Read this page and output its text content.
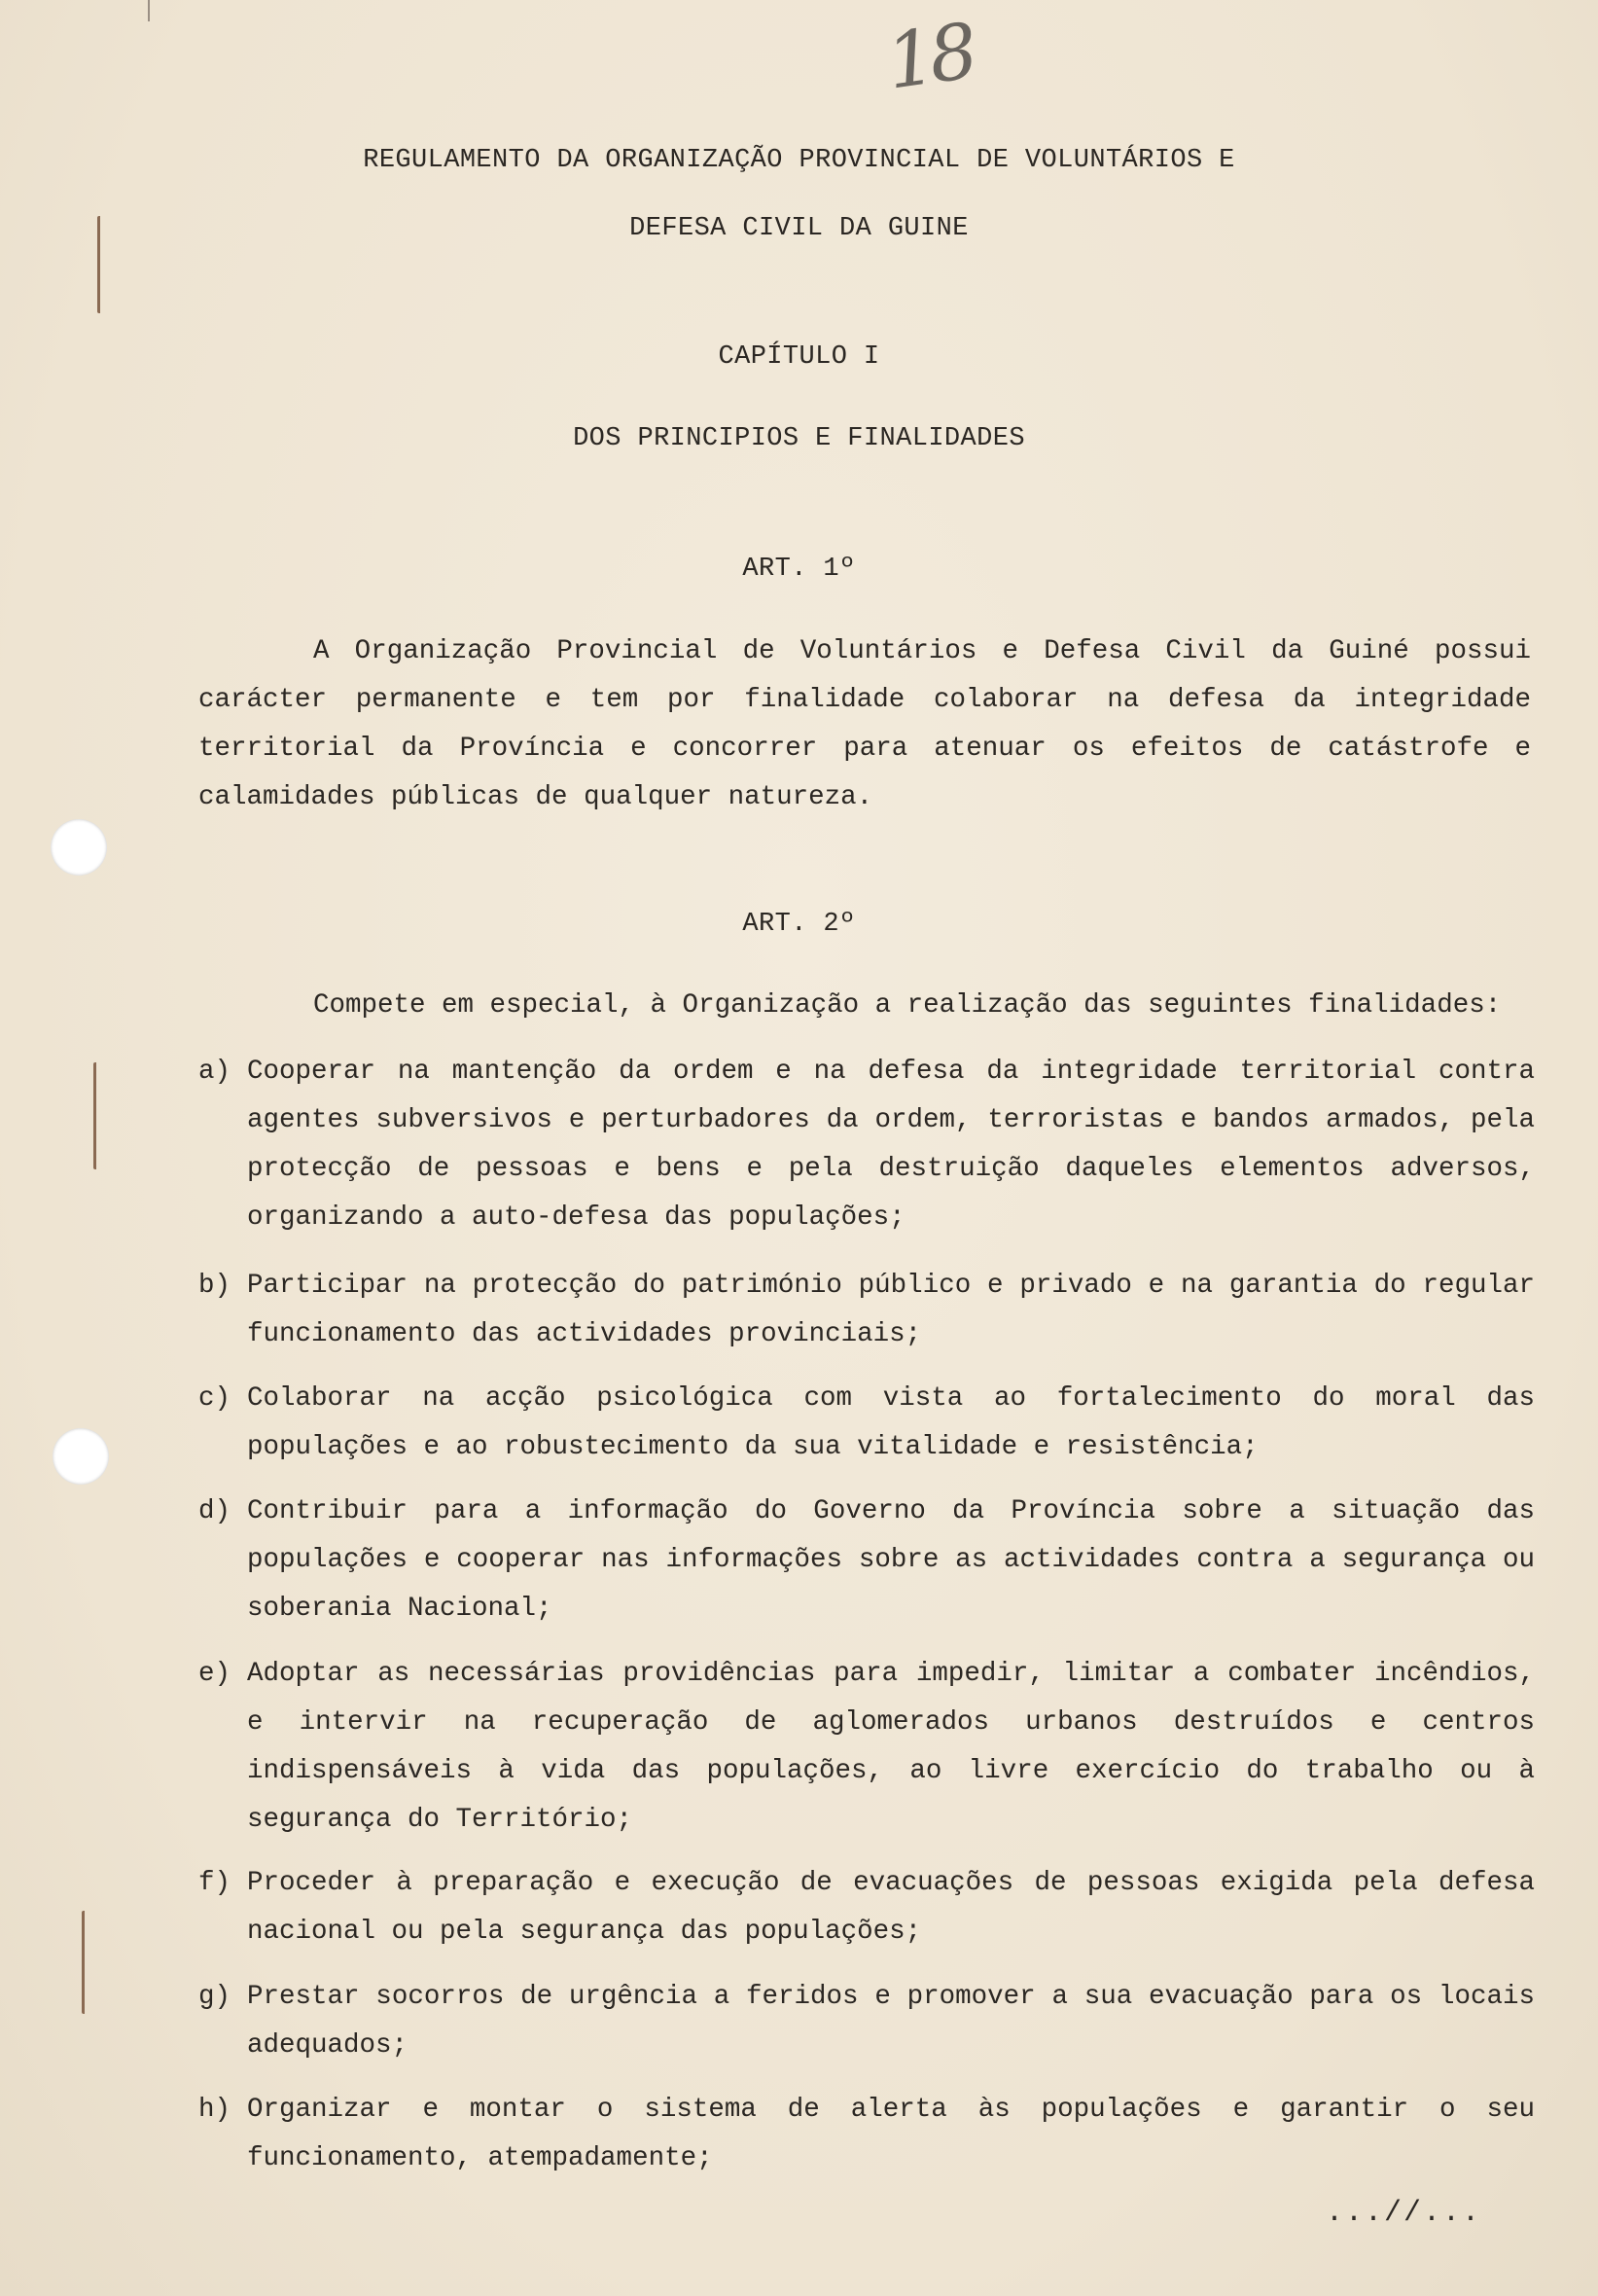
18
REGULAMENTO DA ORGANIZAÇÃO PROVINCIAL DE VOLUNTÁRIOS E
DEFESA CIVIL DA GUINE
CAPÍTULO I
DOS PRINCIPIOS E FINALIDADES
ART. 1º
A Organização Provincial de Voluntários e Defesa Civil da Guiné possui carácter permanente e tem por finalidade colaborar na defesa da integridade territorial da Província e concorrer para atenuar os efeitos de catástrofe e calamidades públicas de qualquer natureza.
ART. 2º
Compete em especial, à Organização a realização das seguintes finalidades:
a) Cooperar na mantenção da ordem e na defesa da integridade territorial contra agentes subversivos e perturbadores da ordem, terroristas e bandos armados, pela protecção de pessoas e bens e pela destruição daqueles elementos adversos, organizando a auto-defesa das populações;
b) Participar na protecção do património público e privado e na garantia do regular funcionamento das actividades provinciais;
c) Colaborar na acção psicológica com vista ao fortalecimento do moral das populações e ao robustecimento da sua vitalidade e resistência;
d) Contribuir para a informação do Governo da Província sobre a situação das populações e cooperar nas informações sobre as actividades contra a segurança ou soberania Nacional;
e) Adoptar as necessárias providências para impedir, limitar a combater incêndios, e intervir na recuperação de aglomerados urbanos destruídos e centros indispensáveis à vida das populações, ao livre exercício do trabalho ou à segurança do Território;
f) Proceder à preparação e execução de evacuações de pessoas exigida pela defesa nacional ou pela segurança das populações;
g) Prestar socorros de urgência a feridos e promover a sua evacuação para os locais adequados;
h) Organizar e montar o sistema de alerta às populações e garantir o seu funcionamento, atempadamente;
...//...
